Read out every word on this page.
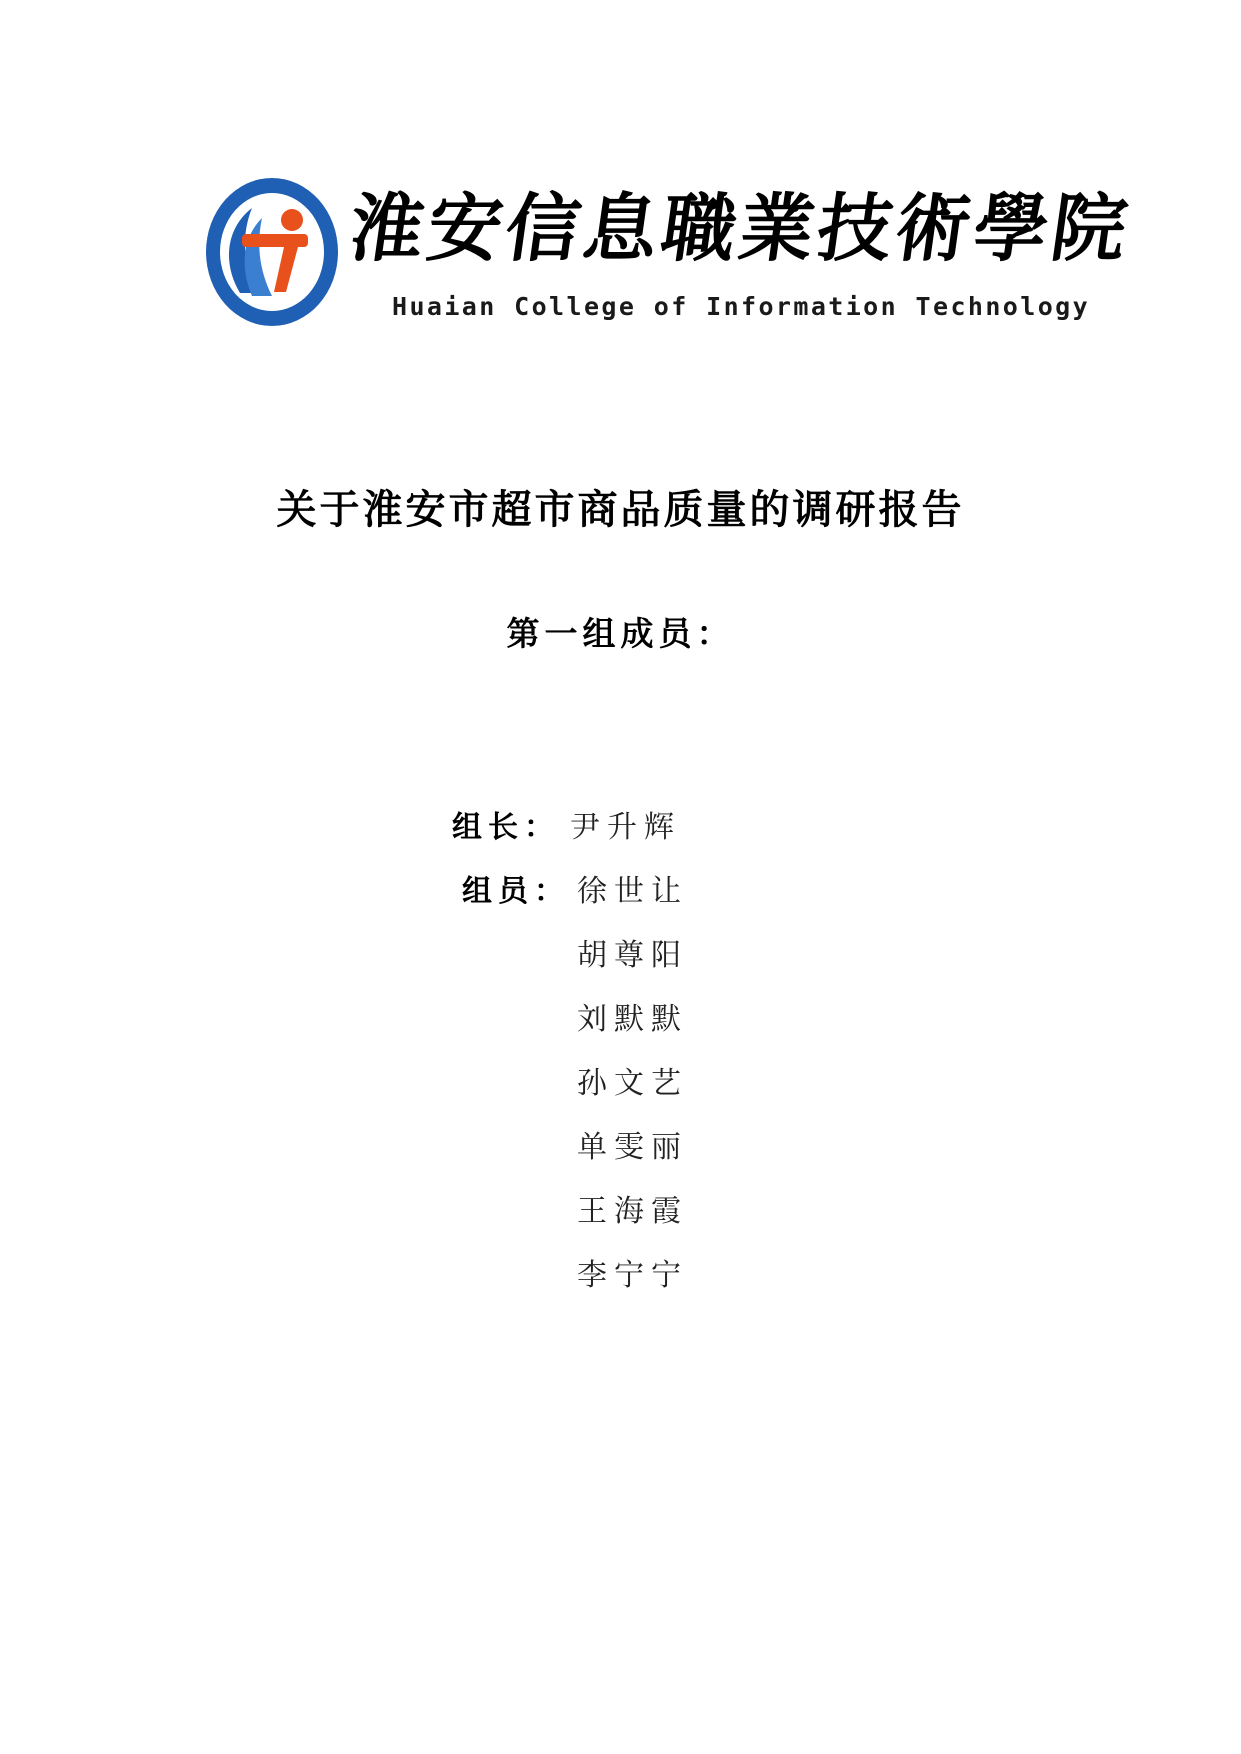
淮安信息職業技術學院
Huaian College of Information Technology
关于淮安市超市商品质量的调研报告
第一组成员：
组长： 尹升辉
组员： 徐世让
胡尊阳
刘默默
孙文艺
单雯丽
王海霞
李宁宁
